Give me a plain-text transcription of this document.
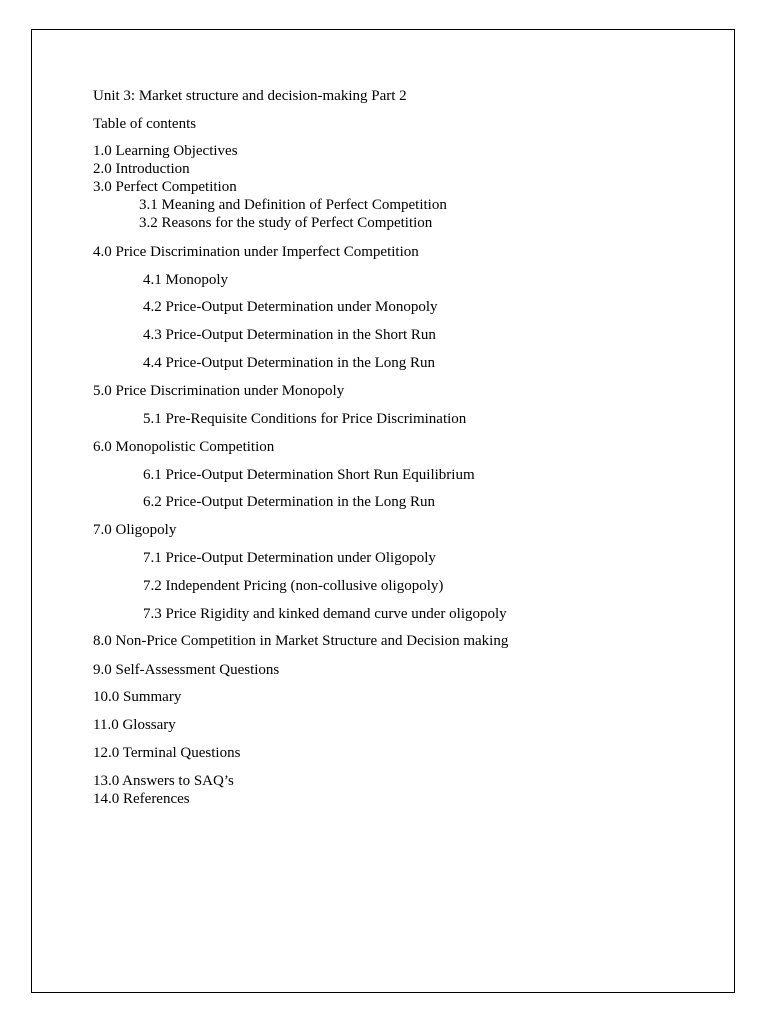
Unit 3: Market structure and decision-making Part 2
Table of contents
1.0 Learning Objectives
2.0 Introduction
3.0 Perfect Competition
3.1 Meaning and Definition of Perfect Competition
3.2 Reasons for the study of Perfect Competition
4.0 Price Discrimination under Imperfect Competition
4.1 Monopoly
4.2 Price-Output Determination under Monopoly
4.3 Price-Output Determination in the Short Run
4.4 Price-Output Determination in the Long Run
5.0 Price Discrimination under Monopoly
5.1 Pre-Requisite Conditions for Price Discrimination
6.0 Monopolistic Competition
6.1 Price-Output Determination Short Run Equilibrium
6.2 Price-Output Determination in the Long Run
7.0 Oligopoly
7.1 Price-Output Determination under Oligopoly
7.2 Independent Pricing (non-collusive oligopoly)
7.3 Price Rigidity and kinked demand curve under oligopoly
8.0 Non-Price Competition in Market Structure and Decision making
9.0 Self-Assessment Questions
10.0 Summary
11.0 Glossary
12.0 Terminal Questions
13.0 Answers to SAQ’s
14.0 References
